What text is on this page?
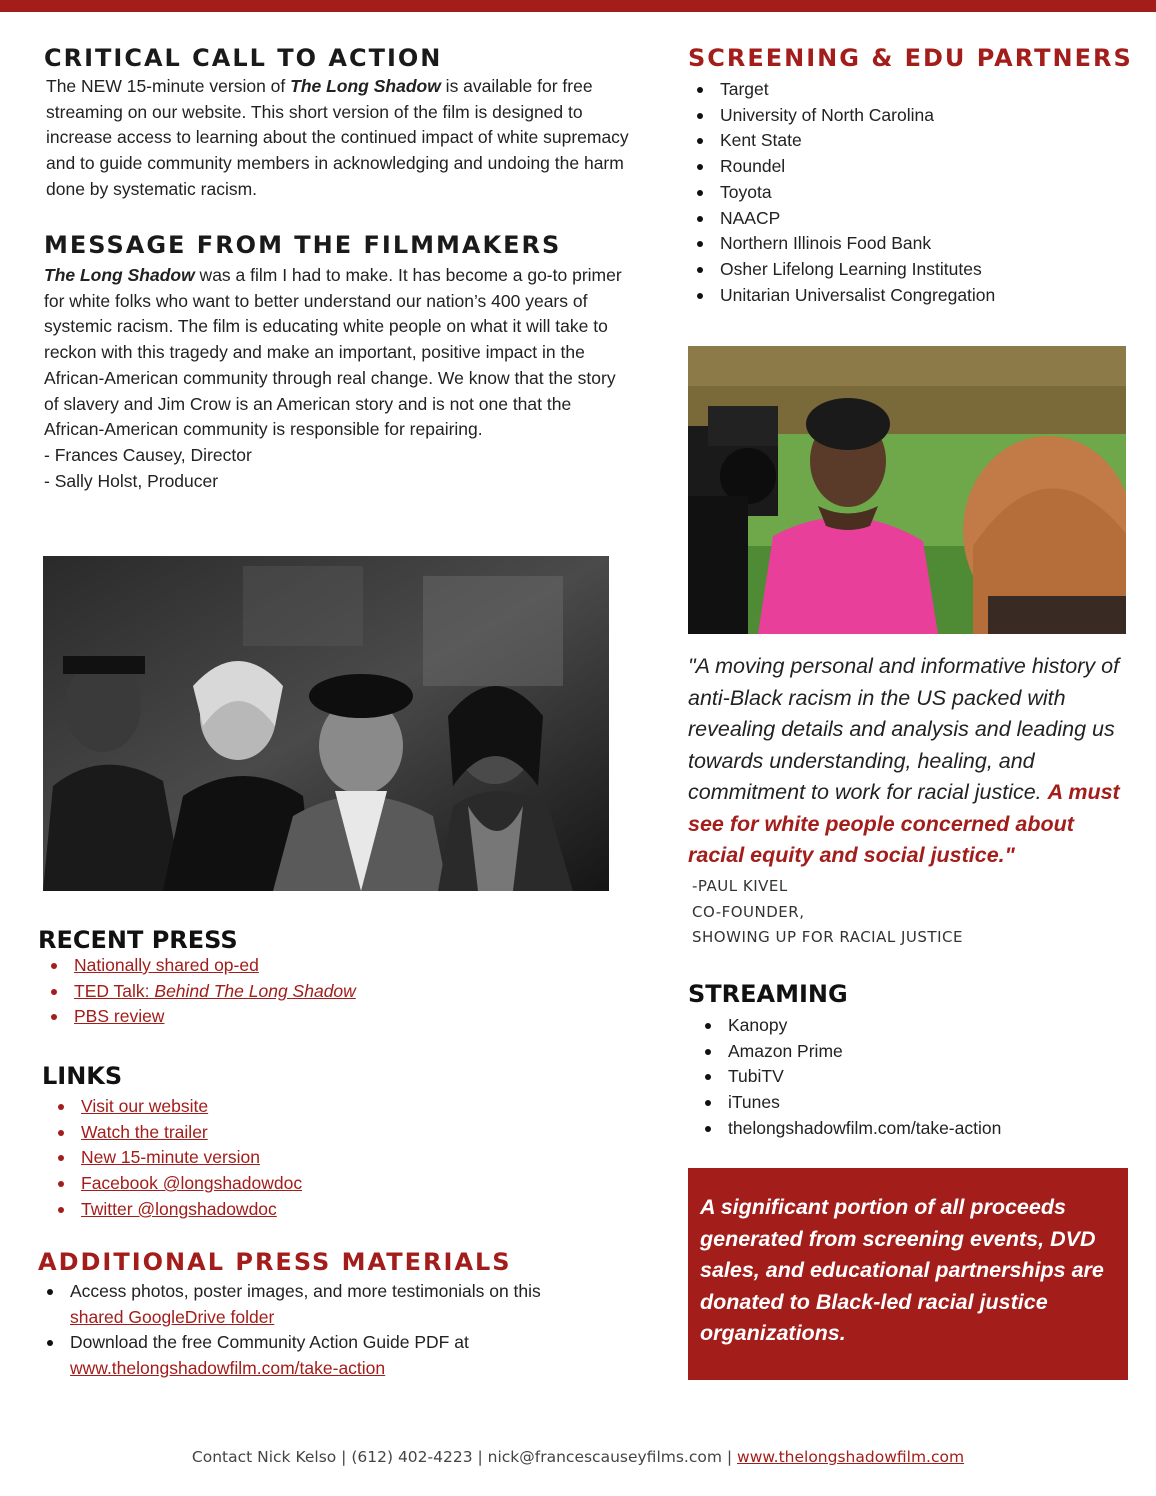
CRITICAL CALL TO ACTION

The NEW 15-minute version of The Long Shadow is available for free streaming on our website. This short version of the film is designed to increase access to learning about the continued impact of white supremacy and to guide community members in acknowledging and undoing the harm done by systematic racism.

MESSAGE FROM THE FILMMAKERS

The Long Shadow was a film I had to make. It has become a go-to primer for white folks who want to better understand our nation’s 400 years of systemic racism. The film is educating white people on what it will take to reckon with this tragedy and make an important, positive impact in the African-American community through real change. We know that the story of slavery and Jim Crow is an American story and is not one that the African-American community is responsible for repairing.

- Frances Causey, Director

- Sally Holst, Producer

RECENT PRESS
Nationally shared op-ed
TED Talk: Behind The Long Shadow
PBS review
LINKS
Visit our website
Watch the trailer
New 15-minute version
Facebook @longshadowdoc
Twitter @longshadowdoc
ADDITIONAL PRESS MATERIALS
Access photos, poster images, and more testimonials on this
shared GoogleDrive folder
Download the free Community Action Guide PDF at
www.thelongshadowfilm.com/take-action
SCREENING & EDU PARTNERS
Target
University of North Carolina
Kent State
Roundel
Toyota
NAACP
Northern Illinois Food Bank
Osher Lifelong Learning Institutes
Unitarian Universalist Congregation
"A moving personal and informative history of anti-Black racism in the US packed with revealing details and analysis and leading us towards understanding, healing, and commitment to work for racial justice. A must see for white people concerned about racial equity and social justice."
-PAUL KIVEL
CO-FOUNDER,
SHOWING UP FOR RACIAL JUSTICE
STREAMING
Kanopy
Amazon Prime
TubiTV
iTunes
thelongshadowfilm.com/take-action
A significant portion of all proceeds generated from screening events, DVD sales, and educational partnerships are donated to Black-led racial justice organizations.
Contact Nick Kelso | (612) 402-4223 | nick@francescauseyfilms.com | www.thelongshadowfilm.com
